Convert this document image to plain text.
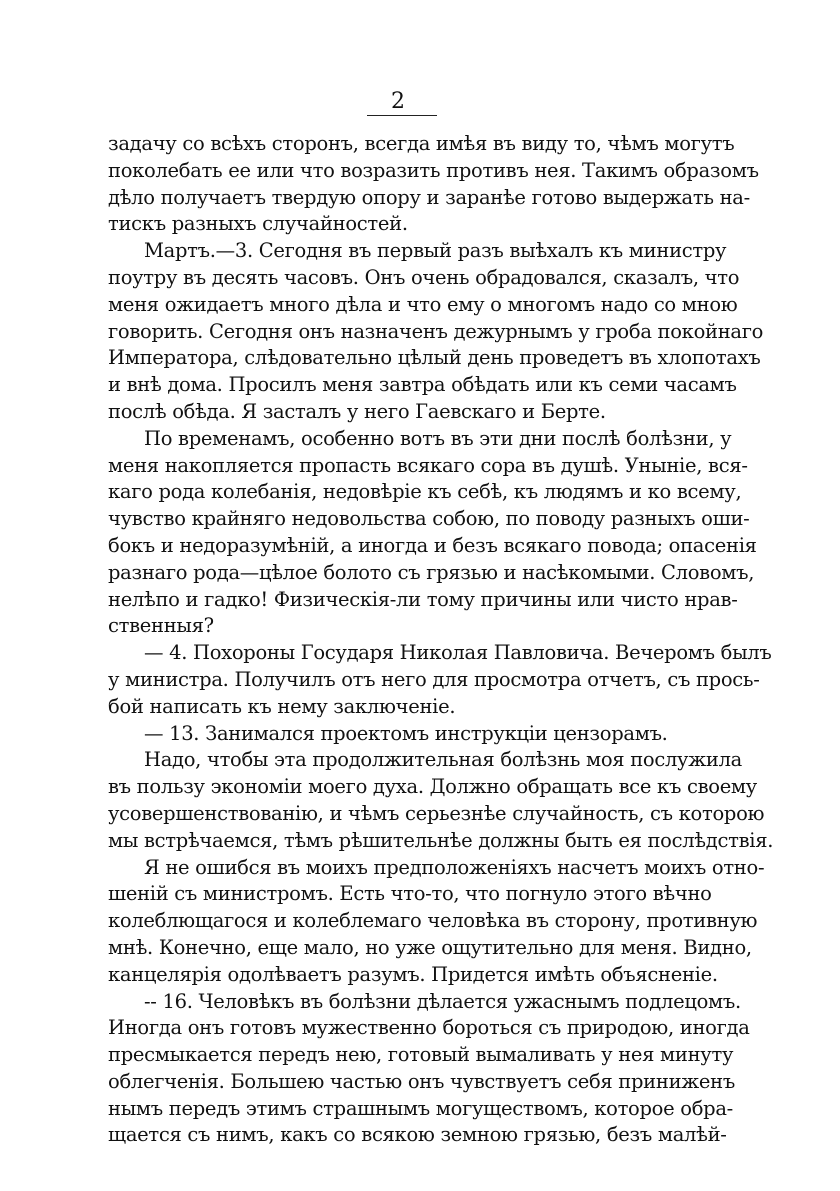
2
задачу со всѣхъ сторонъ, всегда имѣя въ виду то, чѣмъ могутъ
поколебать ее или что возразить противъ нея. Такимъ образомъ
дѣло получаетъ твердую опору и заранѣе готово выдержать на-
тискъ разныхъ случайностей.
Мартъ.—3. Сегодня въ первый разъ выѣхалъ къ министру
поутру въ десять часовъ. Онъ очень обрадовался, сказалъ, что
меня ожидаетъ много дѣла и что ему о многомъ надо со мною
говорить. Сегодня онъ назначенъ дежурнымъ у гроба покойнаго
Императора, слѣдовательно цѣлый день проведетъ въ хлопотахъ
и внѣ дома. Просилъ меня завтра обѣдать или къ семи часамъ
послѣ обѣда. Я засталъ у него Гаевскаго и Берте.
По временамъ, особенно вотъ въ эти дни послѣ болѣзни, у
меня накопляется пропасть всякаго сора въ душѣ. Унынiе, вся-
каго рода колебанiя, недовѣрiе къ себѣ, къ людямъ и ко всему,
чувство крайняго недовольства собою, по поводу разныхъ оши-
бокъ и недоразумѣнiй, а иногда и безъ всякаго повода; опасенiя
разнаго рода—цѣлое болото съ грязью и насѣкомыми. Словомъ,
нелѣпо и гадко! Физическiя-ли тому причины или чисто нрав-
ственныя?
— 4. Похороны Государя Николая Павловича. Вечеромъ былъ
у министра. Получилъ отъ него для просмотра отчетъ, съ прось-
бой написать къ нему заключенiе.
— 13. Занимался проектомъ инструкцiи цензорамъ.
Надо, чтобы эта продолжительная болѣзнь моя послужила
въ пользу экономiи моего духа. Должно обращать все къ своему
усовершенствованiю, и чѣмъ серьезнѣе случайность, съ которою
мы встрѣчаемся, тѣмъ рѣшительнѣе должны быть ея послѣдствiя.
Я не ошибся въ моихъ предположенiяхъ насчетъ моихъ отно-
шенiй съ министромъ. Есть что-то, что погнуло этого вѣчно
колеблющагося и колеблемаго человѣка въ сторону, противную
мнѣ. Конечно, еще мало, но уже ощутительно для меня. Видно,
канцелярiя одолѣваетъ разумъ. Придется имѣть объясненiе.
-- 16. Человѣкъ въ болѣзни дѣлается ужаснымъ подлецомъ.
Иногда онъ готовъ мужественно бороться съ природою, иногда
пресмыкается передъ нею, готовый вымаливать у нея минуту
облегченiя. Большею частью онъ чувствуетъ себя приниженъ
нымъ передъ этимъ страшнымъ могуществомъ, которое обра-
щается съ нимъ, какъ со всякою земною грязью, безъ малѣй-
